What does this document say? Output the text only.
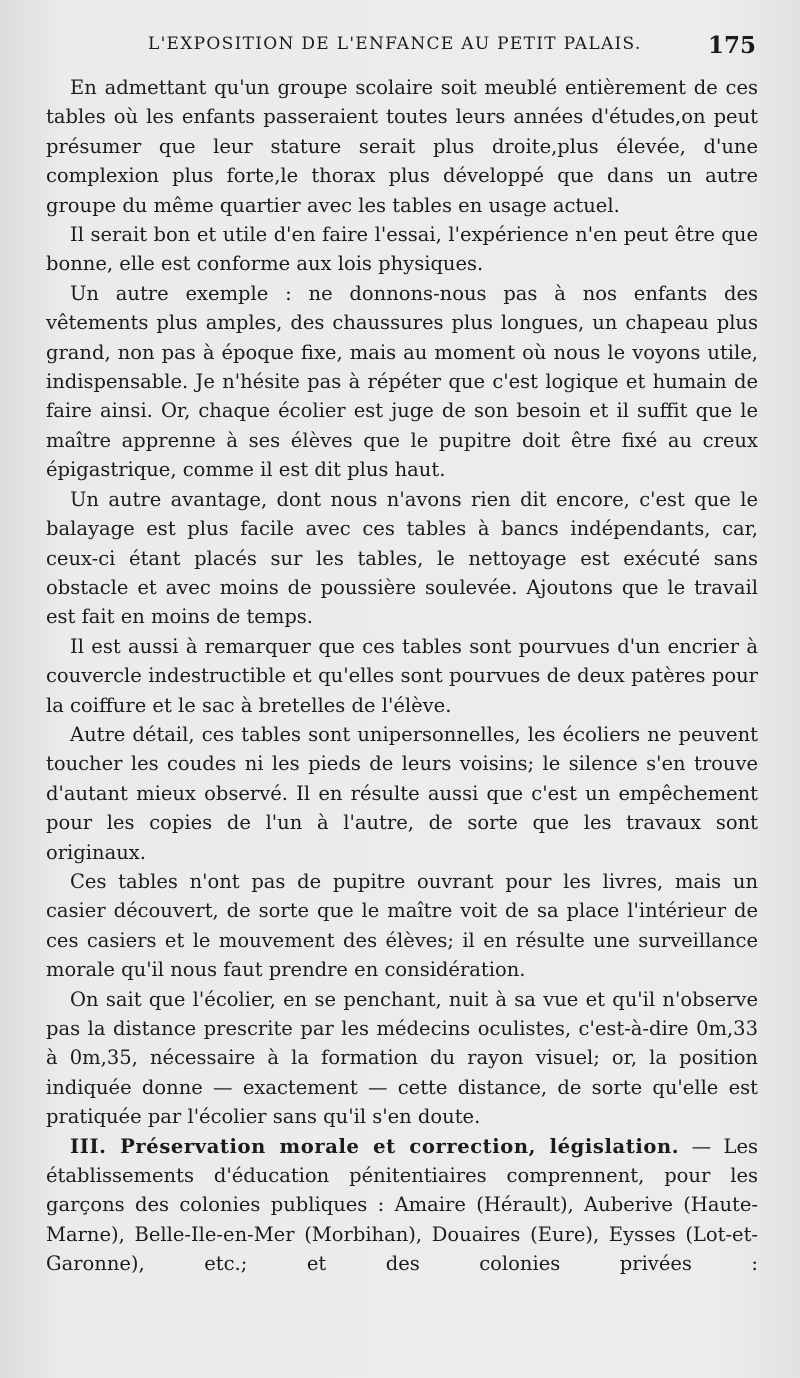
L'EXPOSITION DE L'ENFANCE AU PETIT PALAIS.	175

En admettant qu'un groupe scolaire soit meublé entièrement de ces tables où les enfants passeraient toutes leurs années d'études,on peut présumer que leur stature serait plus droite,plus élevée, d'une complexion plus forte,le thorax plus développé que dans un autre groupe du même quartier avec les tables en usage actuel.

Il serait bon et utile d'en faire l'essai, l'expérience n'en peut être que bonne, elle est conforme aux lois physiques.

Un autre exemple : ne donnons-nous pas à nos enfants des vêtements plus amples, des chaussures plus longues, un chapeau plus grand, non pas à époque fixe, mais au moment où nous le voyons utile, indispensable. Je n'hésite pas à répéter que c'est logique et humain de faire ainsi. Or, chaque écolier est juge de son besoin et il suffit que le maître apprenne à ses élèves que le pupitre doit être fixé au creux épigastrique, comme il est dit plus haut.

Un autre avantage, dont nous n'avons rien dit encore, c'est que le balayage est plus facile avec ces tables à bancs indépendants, car, ceux-ci étant placés sur les tables, le nettoyage est exécuté sans obstacle et avec moins de poussière soulevée. Ajoutons que le travail est fait en moins de temps.

Il est aussi à remarquer que ces tables sont pourvues d'un encrier à couvercle indestructible et qu'elles sont pourvues de deux patères pour la coiffure et le sac à bretelles de l'élève.

Autre détail, ces tables sont unipersonnelles, les écoliers ne peuvent toucher les coudes ni les pieds de leurs voisins; le silence s'en trouve d'autant mieux observé. Il en résulte aussi que c'est un empêchement pour les copies de l'un à l'autre, de sorte que les travaux sont originaux.

Ces tables n'ont pas de pupitre ouvrant pour les livres, mais un casier découvert, de sorte que le maître voit de sa place l'intérieur de ces casiers et le mouvement des élèves; il en résulte une surveillance morale qu'il nous faut prendre en considération.

On sait que l'écolier, en se penchant, nuit à sa vue et qu'il n'observe pas la distance prescrite par les médecins oculistes, c'est-à-dire 0m,33 à 0m,35, nécessaire à la formation du rayon visuel; or, la position indiquée donne — exactement — cette distance, de sorte qu'elle est pratiquée par l'écolier sans qu'il s'en doute.

III. Préservation morale et correction, législation. — Les établissements d'éducation pénitentiaires comprennent, pour les garçons des colonies publiques : Amaire (Hérault), Auberive (Haute-Marne), Belle-Ile-en-Mer (Morbihan), Douaires (Eure), Eysses (Lot-et-Garonne), etc.; et des colonies privées :
